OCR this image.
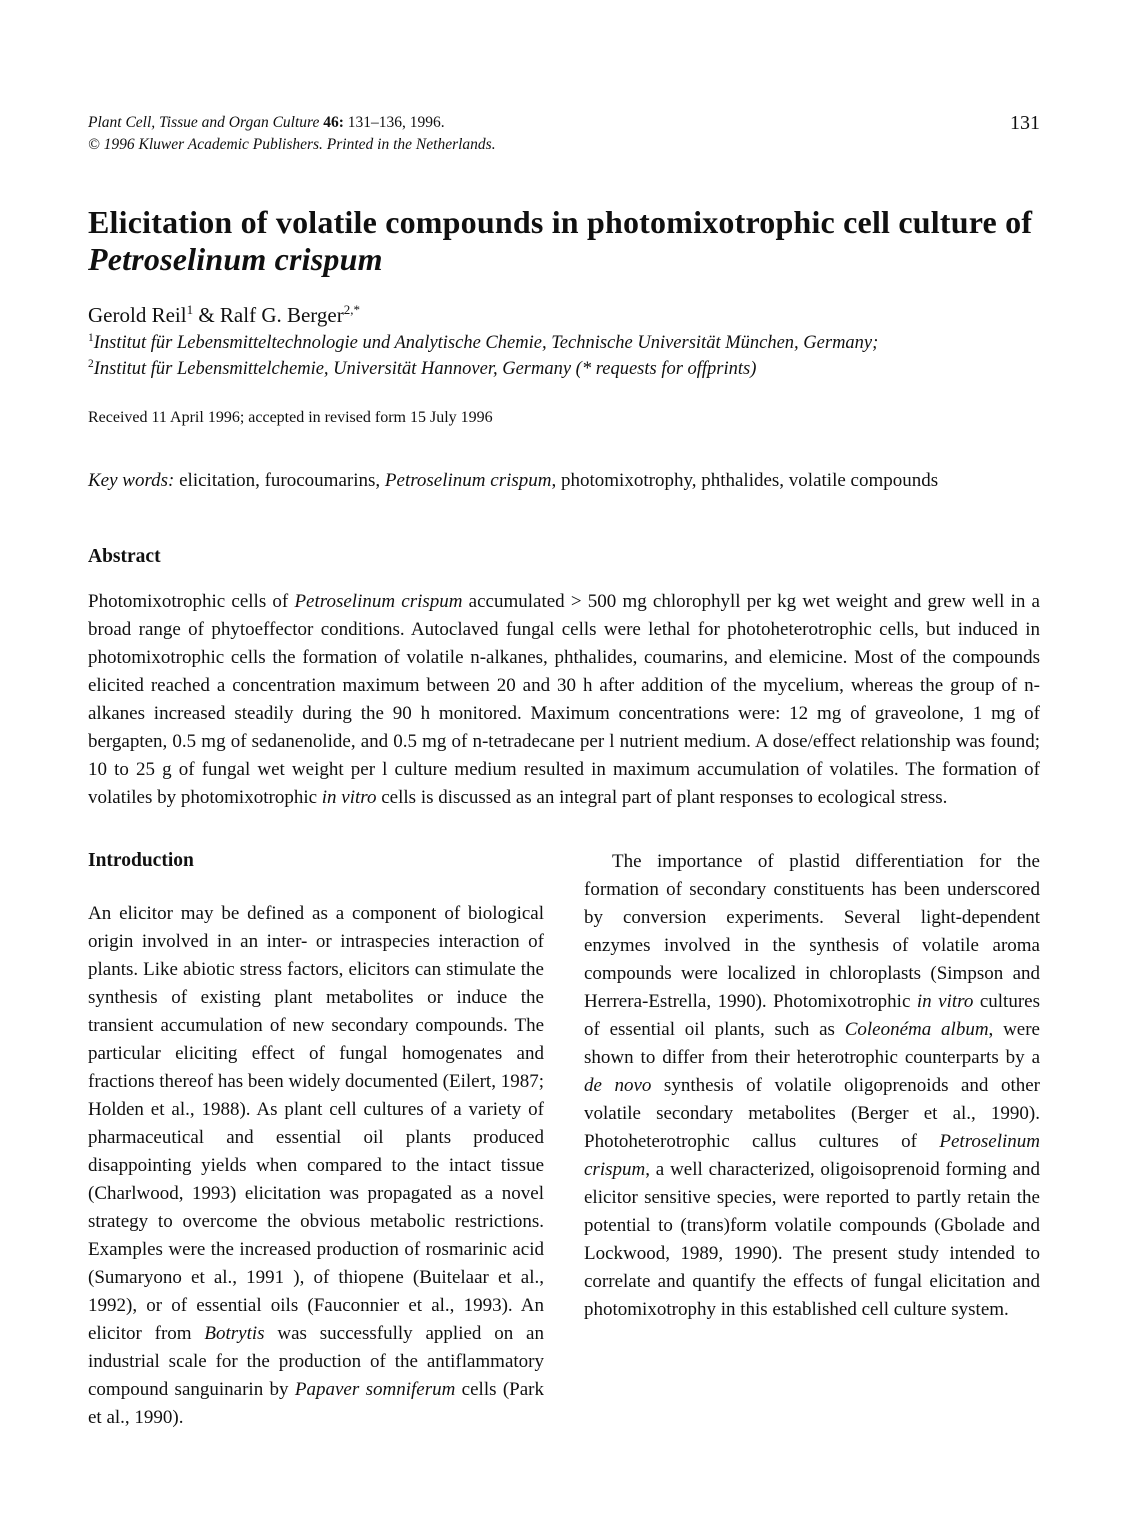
Plant Cell, Tissue and Organ Culture 46: 131–136, 1996.
© 1996 Kluwer Academic Publishers. Printed in the Netherlands.
131
Elicitation of volatile compounds in photomixotrophic cell culture of
Petroselinum crispum
Gerold Reil$^1$ & Ralf G. Berger$^{2,*}$
$^1$Institut für Lebensmitteltechnologie und Analytische Chemie, Technische Universität München, Germany;
$^2$Institut für Lebensmittelchemie, Universität Hannover, Germany (* requests for offprints)
Received 11 April 1996; accepted in revised form 15 July 1996
Key words: elicitation, furocoumarins, Petroselinum crispum, photomixotrophy, phthalides, volatile compounds
Abstract

Photomixotrophic cells of Petroselinum crispum accumulated > 500 mg chlorophyll per kg wet weight and grew well in a broad range of phytoeffector conditions. Autoclaved fungal cells were lethal for photoheterotrophic cells, but induced in photomixotrophic cells the formation of volatile n-alkanes, phthalides, coumarins, and elemicine. Most of the compounds elicited reached a concentration maximum between 20 and 30 h after addition of the mycelium, whereas the group of n-alkanes increased steadily during the 90 h monitored. Maximum concentrations were: 12 mg of graveolone, 1 mg of bergapten, 0.5 mg of sedanenolide, and 0.5 mg of n-tetradecane per l nutrient medium. A dose/effect relationship was found; 10 to 25 g of fungal wet weight per l culture medium resulted in maximum accumulation of volatiles. The formation of volatiles by photomixotrophic in vitro cells is discussed as an integral part of plant responses to ecological stress.

Introduction

An elicitor may be defined as a component of biological origin involved in an inter- or intraspecies interaction of plants. Like abiotic stress factors, elicitors can stimulate the synthesis of existing plant metabolites or induce the transient accumulation of new secondary compounds. The particular eliciting effect of fungal homogenates and fractions thereof has been widely documented (Eilert, 1987; Holden et al., 1988). As plant cell cultures of a variety of pharmaceutical and essential oil plants produced disappointing yields when compared to the intact tissue (Charlwood, 1993) elicitation was propagated as a novel strategy to overcome the obvious metabolic restrictions. Examples were the increased production of rosmarinic acid (Sumaryono et al., 1991 ), of thiopene (Buitelaar et al., 1992), or of essential oils (Fauconnier et al., 1993). An elicitor from Botrytis was successfully applied on an industrial scale for the production of the antiflammatory compound sanguinarin by Papaver somniferum cells (Park et al., 1990).

The importance of plastid differentiation for the formation of secondary constituents has been underscored by conversion experiments. Several light-dependent enzymes involved in the synthesis of volatile aroma compounds were localized in chloroplasts (Simpson and Herrera-Estrella, 1990). Photomixotrophic in vitro cultures of essential oil plants, such as Coleonéma album, were shown to differ from their heterotrophic counterparts by a de novo synthesis of volatile oligoprenoids and other volatile secondary metabolites (Berger et al., 1990). Photoheterotrophic callus cultures of Petroselinum crispum, a well characterized, oligoisoprenoid forming and elicitor sensitive species, were reported to partly retain the potential to (trans)form volatile compounds (Gbolade and Lockwood, 1989, 1990). The present study intended to correlate and quantify the effects of fungal elicitation and photomixotrophy in this established cell culture system.
